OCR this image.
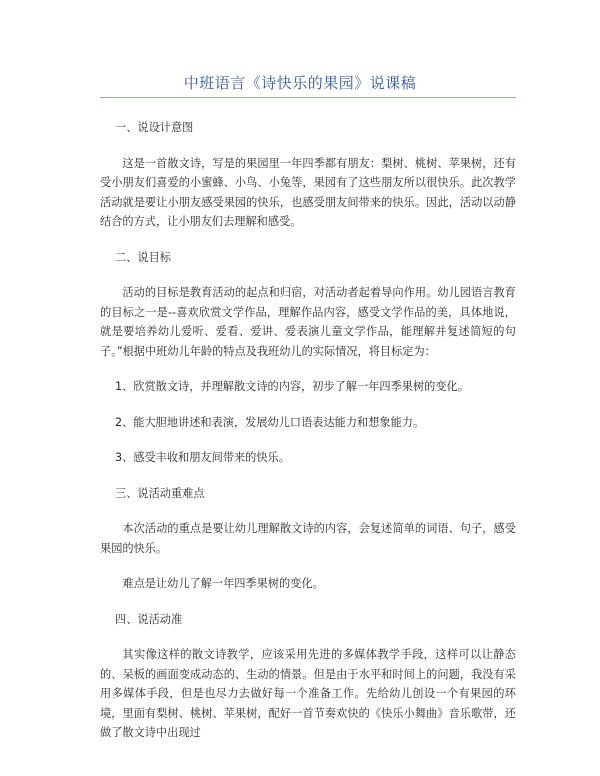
中班语言《诗快乐的果园》说课稿
一、说设计意图
这是一首散文诗，写是的果园里一年四季都有朋友：梨树、桃树、苹果树，还有受小朋友们喜爱的小蜜蜂、小鸟、小兔等，果园有了这些朋友所以很快乐。此次教学活动就是要让小朋友感受果园的快乐，也感受朋友间带来的快乐。因此，活动以动静结合的方式，让小朋友们去理解和感受。
二、说目标
活动的目标是教育活动的起点和归宿，对活动者起着导向作用。幼儿园语言教育的目标之一是--喜欢欣赏文学作品，理解作品内容，感受文学作品的美，具体地说，就是要培养幼儿爱听、爱看、爱讲、爱表演儿童文学作品，能理解并复述简短的句子。”根据中班幼儿年龄的特点及我班幼儿的实际情况，将目标定为：
1、欣赏散文诗，并理解散文诗的内容，初步了解一年四季果树的变化。
2、能大胆地讲述和表演，发展幼儿口语表达能力和想象能力。
3、感受丰收和朋友间带来的快乐。
三、说活动重难点
本次活动的重点是要让幼儿理解散文诗的内容，会复述简单的词语、句子，感受果园的快乐。
难点是让幼儿了解一年四季果树的变化。
四、说活动准
其实像这样的散文诗教学，应该采用先进的多媒体教学手段，这样可以让静态的、呆板的画面变成动态的、生动的情景。但是由于水平和时间上的问题，我没有采用多媒体手段，但是也尽力去做好每一个准备工作。先给幼儿创设一个有果园的环境，里面有梨树、桃树、苹果树，配好一首节奏欢快的《快乐小舞曲》音乐歌带，还做了散文诗中出现过
